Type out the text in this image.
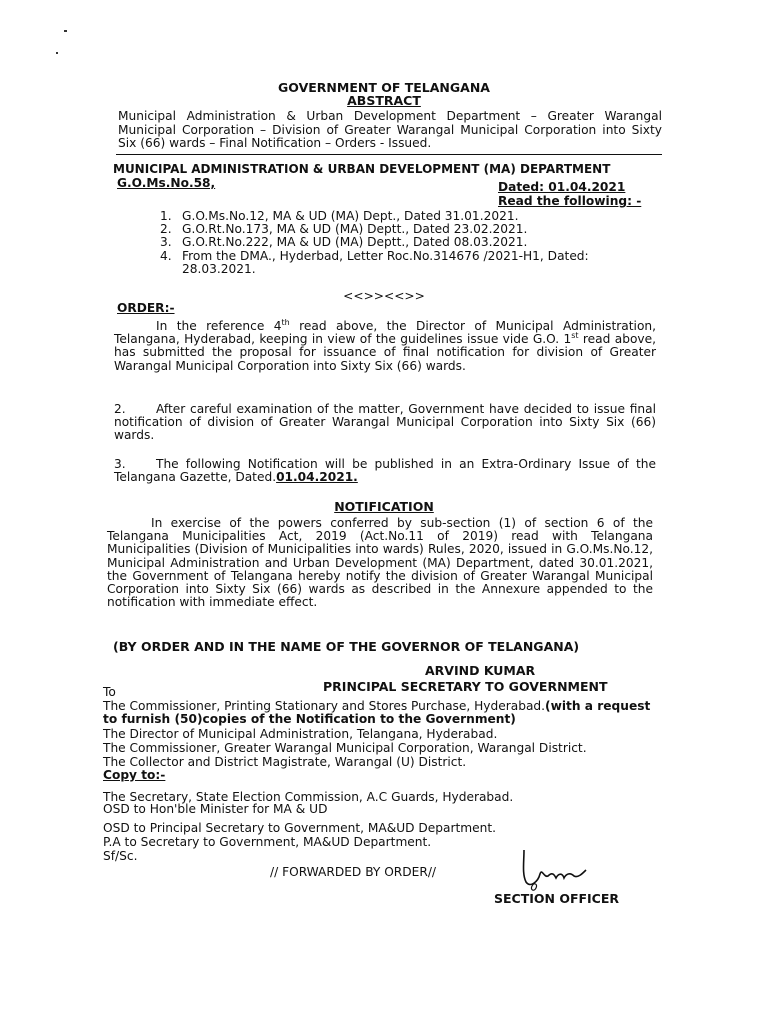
GOVERNMENT OF TELANGANA
ABSTRACT
Municipal Administration & Urban Development Department – Greater Warangal Municipal Corporation – Division of Greater Warangal Municipal Corporation into Sixty Six (66) wards – Final Notification – Orders - Issued.
MUNICIPAL ADMINISTRATION & URBAN DEVELOPMENT (MA) DEPARTMENT
G.O.Ms.No.58,	Dated: 01.04.2021
Read the following: -
1. G.O.Ms.No.12, MA & UD (MA) Dept., Dated 31.01.2021.
2. G.O.Rt.No.173, MA & UD (MA) Deptt., Dated 23.02.2021.
3. G.O.Rt.No.222, MA & UD (MA) Deptt., Dated 08.03.2021.
4. From the DMA., Hyderbad, Letter Roc.No.314676 /2021-H1, Dated: 28.03.2021.
<<>><<>>
ORDER:-
In the reference 4th read above, the Director of Municipal Administration, Telangana, Hyderabad, keeping in view of the guidelines issue vide G.O. 1st read above, has submitted the proposal for issuance of final notification for division of Greater Warangal Municipal Corporation into Sixty Six (66) wards.
2. After careful examination of the matter, Government have decided to issue final notification of division of Greater Warangal Municipal Corporation into Sixty Six (66) wards.
3. The following Notification will be published in an Extra-Ordinary Issue of the Telangana Gazette, Dated.01.04.2021.
NOTIFICATION
In exercise of the powers conferred by sub-section (1) of section 6 of the Telangana Municipalities Act, 2019 (Act.No.11 of 2019) read with Telangana Municipalities (Division of Municipalities into wards) Rules, 2020, issued in G.O.Ms.No.12, Municipal Administration and Urban Development (MA) Department, dated 30.01.2021, the Government of Telangana hereby notify the division of Greater Warangal Municipal Corporation into Sixty Six (66) wards as described in the Annexure appended to the notification with immediate effect.
(BY ORDER AND IN THE NAME OF THE GOVERNOR OF TELANGANA)
ARVIND KUMAR
PRINCIPAL SECRETARY TO GOVERNMENT
To
The Commissioner, Printing Stationary and Stores Purchase, Hyderabad.(with a request to furnish (50)copies of the Notification to the Government)
The Director of Municipal Administration, Telangana, Hyderabad.
The Commissioner, Greater Warangal Municipal Corporation, Warangal District.
The Collector and District Magistrate, Warangal (U) District.
Copy to:-
The Secretary, State Election Commission, A.C Guards, Hyderabad.
OSD to Hon'ble Minister for MA & UD
OSD to Principal Secretary to Government, MA&UD Department.
P.A to Secretary to Government, MA&UD Department.
Sf/Sc.
// FORWARDED BY ORDER//
SECTION OFFICER
